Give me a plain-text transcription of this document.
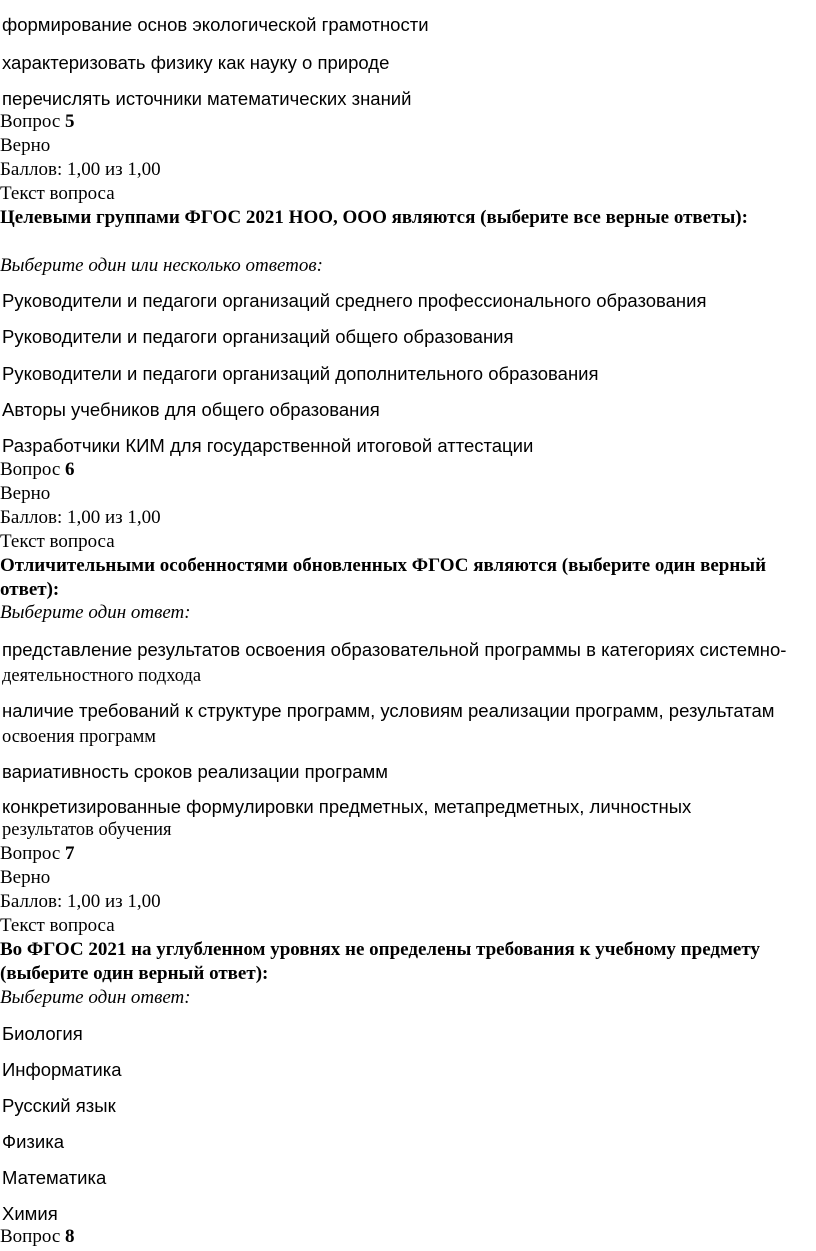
формирование основ экологической грамотности

характеризовать физику как науку о природе

перечислять источники математических знаний

Вопрос 5

Верно

Баллов: 1,00 из 1,00

Текст вопроса

Целевыми группами ФГОС 2021 НОО, ООО являются (выберите все верные ответы):

Выберите один или несколько ответов:

Руководители и педагоги организаций среднего профессионального образования

Руководители и педагоги организаций общего образования

Руководители и педагоги организаций дополнительного образования

Авторы учебников для общего образования

Разработчики КИМ для государственной итоговой аттестации

Вопрос 6

Верно

Баллов: 1,00 из 1,00

Текст вопроса

Отличительными особенностями обновленных ФГОС являются (выберите один верный ответ):

Выберите один ответ:

представление результатов освоения образовательной программы в категориях системно-
деятельностного подхода
наличие требований к структуре программ, условиям реализации программ, результатам
освоения программ
вариативность сроков реализации программ
конкретизированные формулировки предметных, метапредметных, личностных
результатов обучения

Вопрос 7

Верно

Баллов: 1,00 из 1,00

Текст вопроса

Во ФГОС 2021 на углубленном уровнях не определены требования к учебному предмету (выберите один верный ответ):

Выберите один ответ:

Биология

Информатика

Русский язык

Физика

Математика

Химия

Вопрос 8
